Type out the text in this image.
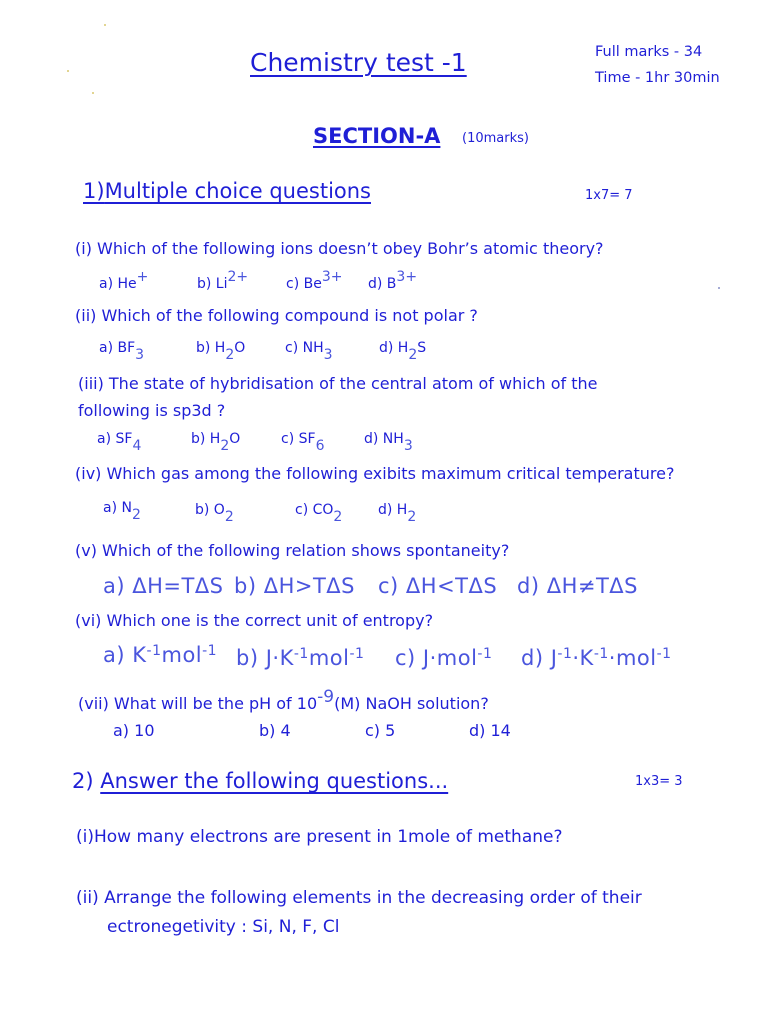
Chemistry test -1	Full marks - 34
Time - 1hr 30min
SECTION-A (10marks)
1)Multiple choice questions	1x7= 7
(i) Which of the following ions doesn’t obey Bohr’s atomic theory?
a) He+	b) $Li^{2+}$	c) $Be^{3+}$ d) $B^{3+}$
(ii) Which of the following compound is not polar ?
a) $BF_3$	b) $H_2O$	c) $NH_3$	d) $H_2S$
(iii) The state of hybridisation of the central atom of which of the
following is sp3d ?
a) $SF_4$	b) $H_2O$	c) $SF_6$	d) $NH_3$
(iv) Which gas among the following exibits maximum critical temperature?
a) $N_2$	b) $O_2$	c) $CO_2$	d) $H_2$
(v) Which of the following relation shows spontaneity?
a) ΔH=TΔS b) ΔH>TΔS c) ΔH<TΔS d) ΔH≠TΔS
(vi) Which one is the correct unit of entropy?
a) $K^{-1}mol^{-1}$ b) $J\cdot K^{-1}mol^{-1}$ c) J·mol$^{-1}$ d) $J^{-1}\cdot K^{-1}\cdot mol^{-1}$
(vii) What will be the pH of $10^{-9}(M)$ NaOH solution?
a) 10	b) 4	c) 5	d) 14
2) Answer the following questions...	1x3= 3
(i)How many electrons are present in 1mole of methane?
(ii) Arrange the following elements in the decreasing order of their
ectronegetivity : Si, N, F, Cl
